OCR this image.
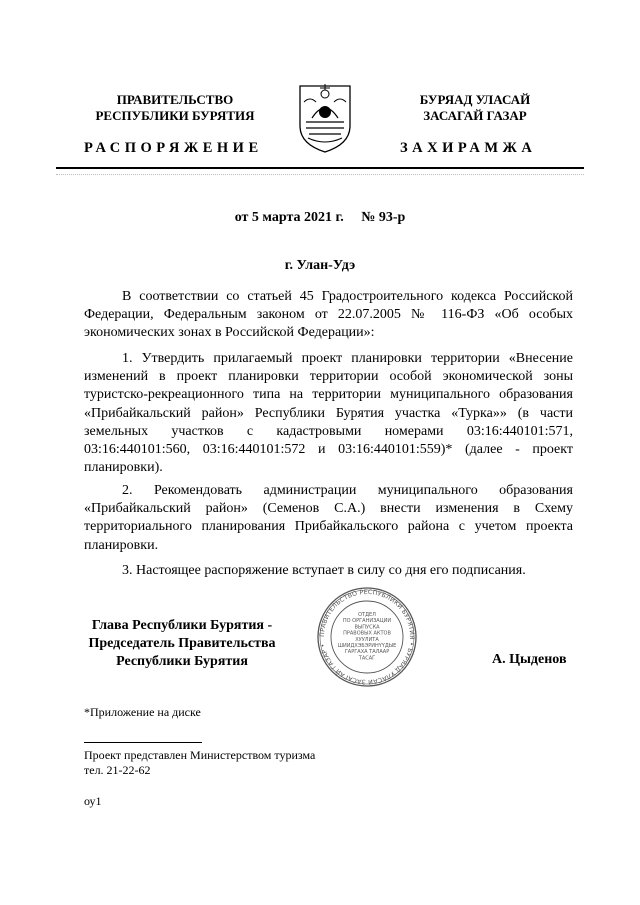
ПРАВИТЕЛЬСТВО
РЕСПУБЛИКИ БУРЯТИЯ
БУРЯАД УЛАСАЙ
ЗАСАГАЙ ГАЗАР
РАСПОРЯЖЕНИЕ	ЗАХИРАМЖА
от 5 марта 2021 г. № 93-р
г. Улан-Удэ

В соответствии со статьей 45 Градостроительного кодекса Российской Федерации, Федеральным законом от 22.07.2005 № 116-ФЗ «Об особых экономических зонах в Российской Федерации»:

1. Утвердить прилагаемый проект планировки территории «Внесение изменений в проект планировки территории особой экономической зоны туристско-рекреационного типа на территории муниципального образования «Прибайкальский район» Республики Бурятия участка «Турка»» (в части земельных участков с кадастровыми номерами 03:16:440101:571, 03:16:440101:560, 03:16:440101:572 и 03:16:440101:559)* (далее - проект планировки).

2. Рекомендовать администрации муниципального образования «Прибайкальский район» (Семенов С.А.) внести изменения в Схему территориального планирования Прибайкальского района с учетом проекта планировки.

3. Настоящее распоряжение вступает в силу со дня его подписания.

Глава Республики Бурятия -
Председатель Правительства
Республики Бурятия
ПРАВИТЕЛЬСТВО РЕСПУБЛИКИ БУРЯТИЯ • БУРЯАД УЛАСАЙ ЗАСАГАЙ ГАЗАР •
ОТДЕЛ
ПО ОРГАНИЗАЦИИ
ВЫПУСКА
ПРАВОВЫХ АКТОВ
ХУУЛИТА
ШИИДХЭБЭРИНҮҮДЫЕ
ГАРГАХА ТАЛААР
ТАСАГ	А. Цыденов
*Приложение на диске
Проект представлен Министерством туризма
тел. 21-22-62
оу1
